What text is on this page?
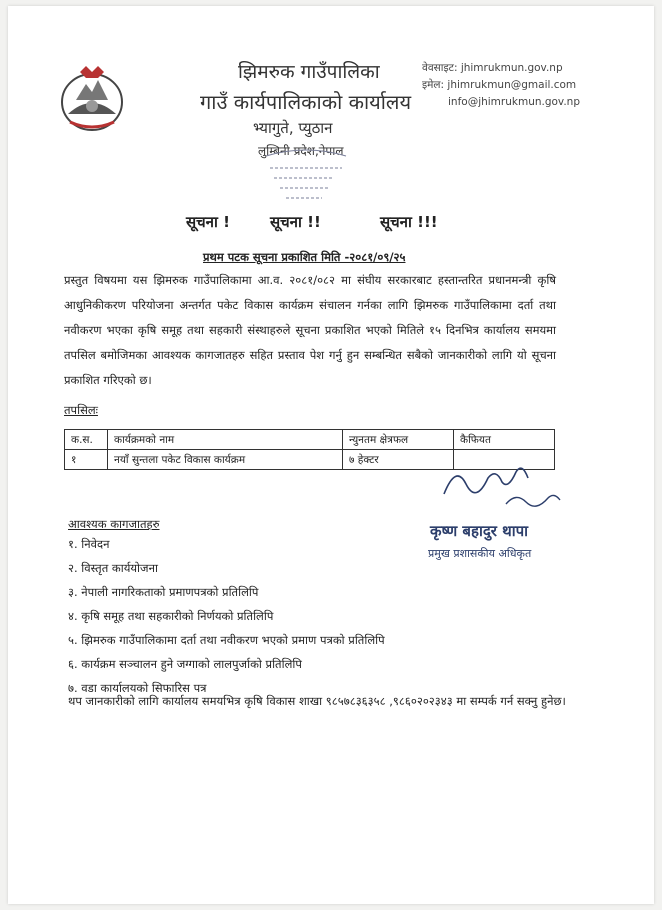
झिमरुक गाउँपालिका
गाउँ कार्यपालिकाको कार्यालय
भ्यागुते, प्युठान
लुम्बिनी प्रदेश,नेपाल
वेवसाइट: jhimrukmun.gov.np
इमेल: jhimrukmun@gmail.com
info@jhimrukmun.gov.np
सूचना !	सूचना !!	सूचना !!!
प्रथम पटक सूचना प्रकाशित मिति -२०८१/०९/२५
प्रस्तुत विषयमा यस झिमरुक गाउँपालिकामा आ.व. २०८१/०८२ मा संघीय सरकारबाट हस्तान्तरित प्रधानमन्त्री कृषि आधुनिकीकरण परियोजना अन्तर्गत पकेट विकास कार्यक्रम संचालन गर्नका लागि झिमरुक गाउँपालिकामा दर्ता तथा नवीकरण भएका कृषि समूह तथा सहकारी संस्थाहरुले सूचना प्रकाशित भएको मितिले १५ दिनभित्र कार्यालय समयमा तपसिल बमोजिमका आवश्यक कागजातहरु सहित प्रस्ताव पेश गर्नु हुन सम्बन्धित सबैको जानकारीको लागि यो सूचना प्रकाशित गरिएको छ।
तपसिलः
क.स.	कार्यक्रमको नाम	न्युनतम क्षेत्रफल	कैफियत
१	नयाँ सुन्तला पकेट विकास कार्यक्रम	७ हेक्टर	
कृष्ण बहादुर थापा
प्रमुख प्रशासकीय अधिकृत
आवश्यक कागजातहरु
१. निवेदन
२. विस्तृत कार्ययोजना
३. नेपाली नागरिकताको प्रमाणपत्रको प्रतिलिपि
४. कृषि समूह तथा सहकारीको निर्णयको प्रतिलिपि
५. झिमरुक गाउँपालिकामा दर्ता तथा नवीकरण भएको प्रमाण पत्रको प्रतिलिपि
६. कार्यक्रम सञ्चालन हुने जग्गाको लालपुर्जाको प्रतिलिपि
७. वडा कार्यालयको सिफारिस पत्र
थप जानकारीको लागि कार्यालय समयभित्र कृषि विकास शाखा ९८५७८३६३५८ ,९८६०२०२३४३ मा सम्पर्क गर्न सक्नु हुनेछ।
